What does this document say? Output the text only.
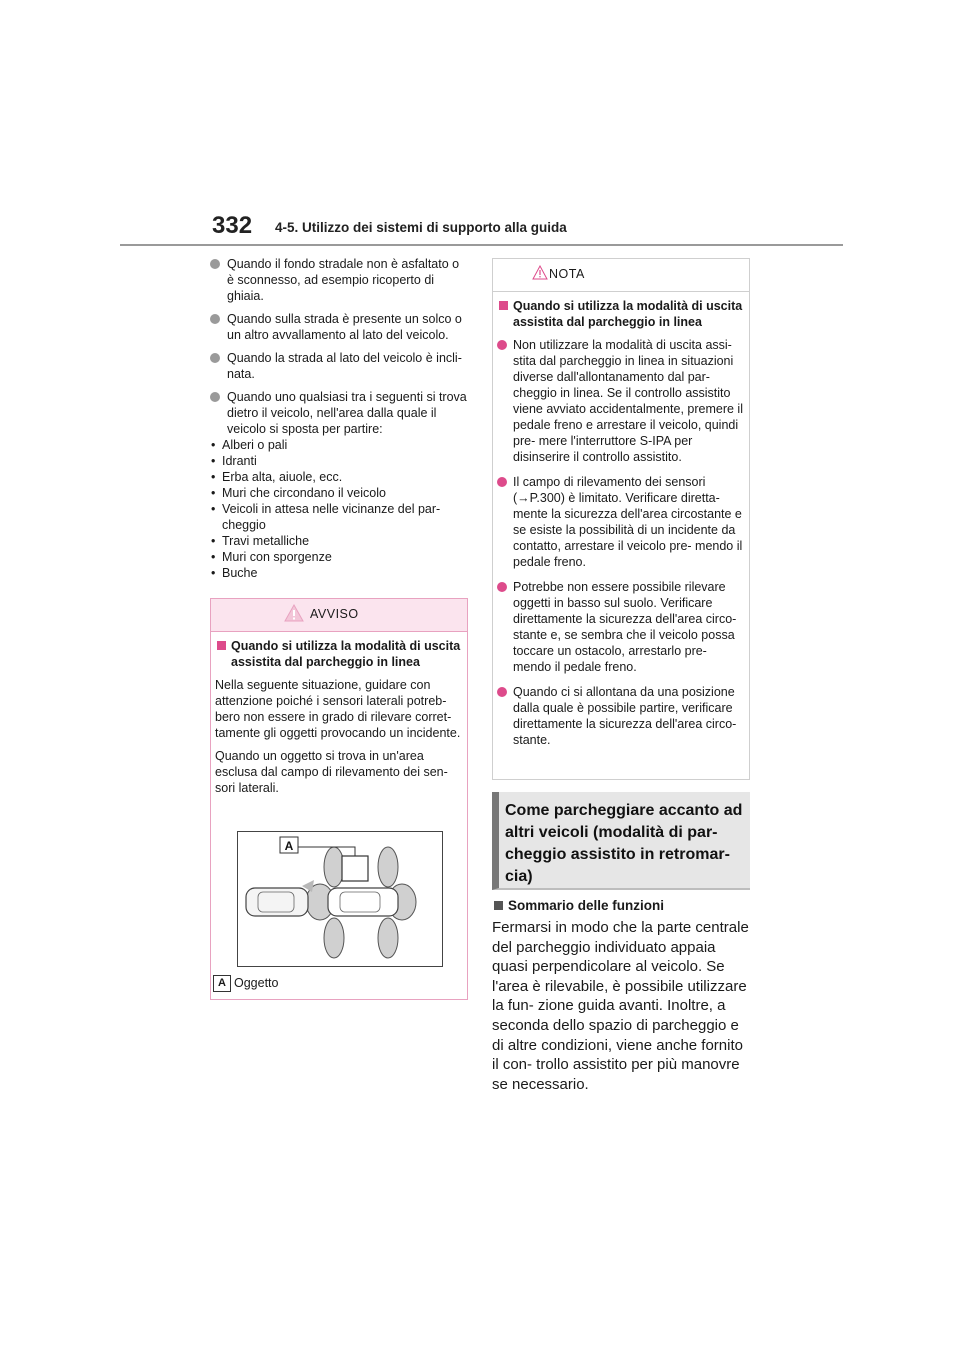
332 4-5. Utilizzo dei sistemi di supporto alla guida
Quando il fondo stradale non è asfaltato o è sconnesso, ad esempio ricoperto di ghiaia.
Quando sulla strada è presente un solco o un altro avvallamento al lato del veicolo.
Quando la strada al lato del veicolo è incli- nata.
Quando uno qualsiasi tra i seguenti si trova dietro il veicolo, nell'area dalla quale il veicolo si sposta per partire:
• Alberi o pali
• Idranti
• Erba alta, aiuole, ecc.
• Muri che circondano il veicolo
• Veicoli in attesa nelle vicinanze del par- cheggio
• Travi metalliche
• Muri con sporgenze
• Buche
AVVISO
Quando si utilizza la modalità di uscita assistita dal parcheggio in linea

Nella seguente situazione, guidare con attenzione poiché i sensori laterali potreb- bero non essere in grado di rilevare corret- tamente gli oggetti provocando un incidente.

Quando un oggetto si trova in un'area esclusa dal campo di rilevamento dei sen- sori laterali.

A
A Oggetto
NOTA
Quando si utilizza la modalità di uscita assistita dal parcheggio in linea
Non utilizzare la modalità di uscita assi- stita dal parcheggio in linea in situazioni diverse dall'allontanamento dal par- cheggio in linea. Se il controllo assistito viene avviato accidentalmente, premere il pedale freno e arrestare il veicolo, quindi pre- mere l'interruttore S-IPA per disinserire il controllo assistito.
Il campo di rilevamento dei sensori (→P.300) è limitato. Verificare diretta- mente la sicurezza dell'area circostante e se esiste la possibilità di un incidente da contatto, arrestare il veicolo pre- mendo il pedale freno.
Potrebbe non essere possibile rilevare oggetti in basso sul suolo. Verificare direttamente la sicurezza dell'area circo- stante e, se sembra che il veicolo possa toccare un ostacolo, arrestarlo pre- mendo il pedale freno.
Quando ci si allontana da una posizione dalla quale è possibile partire, verificare direttamente la sicurezza dell'area circo- stante.
Come parcheggiare accanto ad altri veicoli (modalità di par- cheggio assistito in retromar- cia)
Sommario delle funzioni
Fermarsi in modo che la parte centrale del parcheggio individuato appaia quasi perpendicolare al veicolo. Se l'area è rilevabile, è possibile utilizzare la fun- zione guida avanti. Inoltre, a seconda dello spazio di parcheggio e di altre condizioni, viene anche fornito il con- trollo assistito per più manovre se necessario.
